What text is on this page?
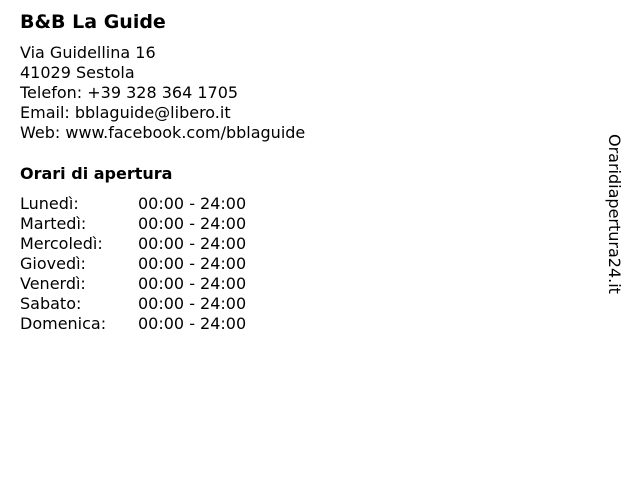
B&B La Guide
Via Guidellina 16
41029 Sestola
Telefon: +39 328 364 1705
Email: bblaguide@libero.it
Web: www.facebook.com/bblaguide
Orari di apertura
Lunedì:	00:00 - 24:00
Martedì:	00:00 - 24:00
Mercoledì: 00:00 - 24:00
Giovedì:	00:00 - 24:00
Venerdì:	00:00 - 24:00
Sabato:	00:00 - 24:00
Domenica: 00:00 - 24:00
Oraridiapertura24.it
